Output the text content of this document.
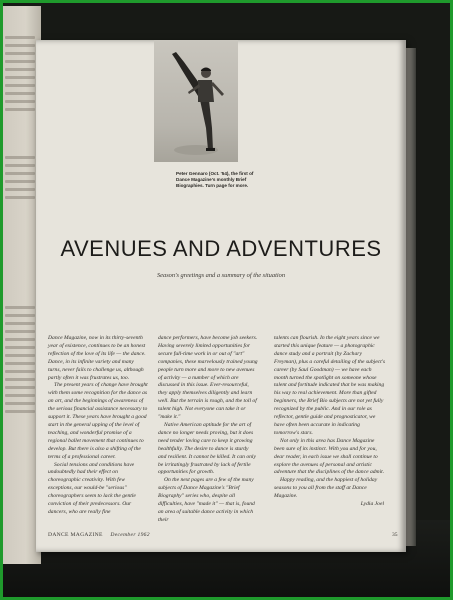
Peter Gennaro (Oct. '54), the first of Dance Magazine's monthly Brief Biographies. Turn page for more.
AVENUES AND ADVENTURES
Season's greetings and a summary of the situation

Dance Magazine, now in its thirty-seventh year of existence, continues to be an honest reflection of the love of its life — the dance. Dance, in its infinite variety and many turns, never fails to challenge us, although partly often it was frustrates us, too.

The present years of change have brought with them some recognition for the dance as an art, and the beginnings of awareness of the serious financial assistance necessary to support it. These years have brought a good start in the general upping of the level of teaching, and wonderful promise of a regional ballet movement that continues to develop. But there is also a shifting of the terms of a professional career.

Social tensions and conditions have undoubtedly had their effect on choreographic creativity. With few exceptions, our would-be "serious" choreographers seem to lack the gentle conviction of their predecessors. Our dancers, who are really fine

dance performers, have become job seekers. Having severely limited opportunities for secure full-time work in or out of "art" companies, these marvelously trained young people turn more and more to new avenues of activity — a number of which are discussed in this issue. Ever-resourceful, they apply themselves diligently and learn well. But the terrain is rough, and the toll of talent high. Not everyone can take it or "make it."

Native American aptitude for the art of dance no longer needs proving, but it does need tender loving care to keep it growing healthfully. The desire to dance is sturdy and resilient. It cannot be killed. It can only be irritatingly frustrated by lack of fertile opportunities for growth.

On the next pages are a few of the many subjects of Dance Magazine's "Brief Biography" series who, despite all difficulties, have "made it" — that is, found an area of suitable dance activity in which their

talents can flourish. In the eight years since we started this unique feature — a photographic dance study and a portrait (by Zachary Freyman), plus a careful detailing of the subject's career (by Saul Goodman) — we have each month turned the spotlight on someone whose talent and fortitude indicated that he was making his way to real achievement. More than gifted beginners, the Brief Bio subjects are not yet fully recognized by the public. And in our role as reflector, gentle guide and prognosticator, we have often been accurate in indicating tomorrow's stars.

Not only in this area has Dance Magazine been sure of its instinct. With you and for you, dear reader, in each issue we shall continue to explore the avenues of personal and artistic adventure that the disciplines of the dance admit.

Happy reading, and the happiest of holiday seasons to you all from the staff at Dance Magazine.

Lydia Joel

DANCE MAGAZINE December 1962	35
